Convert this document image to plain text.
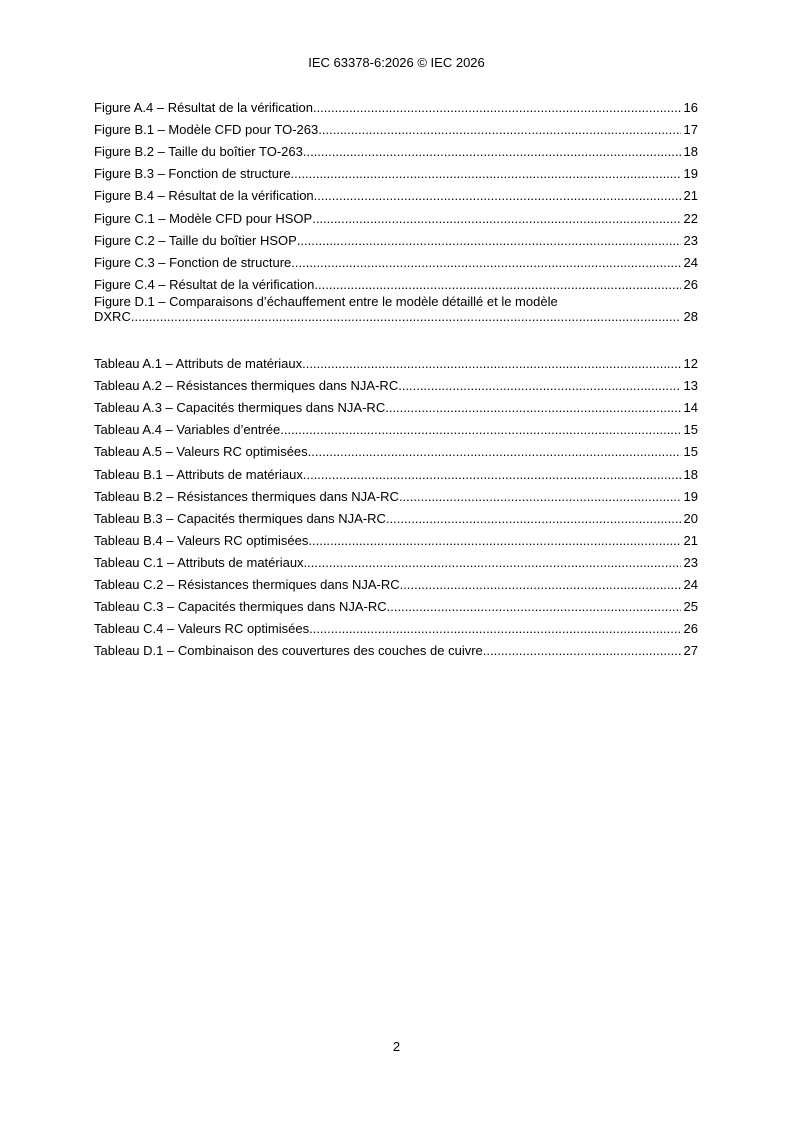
IEC 63378-6:2026 © IEC 2026
Figure A.4 – Résultat de la vérification .....	16
Figure B.1 – Modèle CFD pour TO-263 .....	17
Figure B.2 – Taille du boîtier TO-263 .....	18
Figure B.3 – Fonction de structure .....	19
Figure B.4 – Résultat de la vérification .....	21
Figure C.1 – Modèle CFD pour HSOP .....	22
Figure C.2 – Taille du boîtier HSOP .....	23
Figure C.3 – Fonction de structure .....	24
Figure C.4 – Résultat de la vérification .....	26
Figure D.1 – Comparaisons d’échauffement entre le modèle détaillé et le modèle
DXRC .....	28
Tableau A.1 – Attributs de matériaux .....	12
Tableau A.2 – Résistances thermiques dans NJA-RC .....	13
Tableau A.3 – Capacités thermiques dans NJA-RC .....	14
Tableau A.4 – Variables d’entrée .....	15
Tableau A.5 – Valeurs RC optimisées .....	15
Tableau B.1 – Attributs de matériaux .....	18
Tableau B.2 – Résistances thermiques dans NJA-RC .....	19
Tableau B.3 – Capacités thermiques dans NJA-RC .....	20
Tableau B.4 – Valeurs RC optimisées .....	21
Tableau C.1 – Attributs de matériaux .....	23
Tableau C.2 – Résistances thermiques dans NJA-RC .....	24
Tableau C.3 – Capacités thermiques dans NJA-RC .....	25
Tableau C.4 – Valeurs RC optimisées .....	26
Tableau D.1 – Combinaison des couvertures des couches de cuivre .....	27
2
